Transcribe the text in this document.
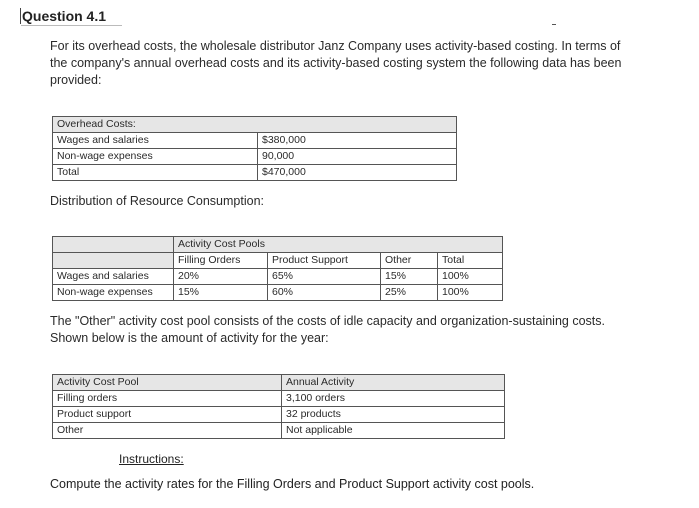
Question 4.1
For its overhead costs, the wholesale distributor Janz Company uses activity-based costing. In terms of
the company's annual overhead costs and its activity-based costing system the following data has been
provided:
Overhead Costs:	
Wages and salaries	$380,000
Non-wage expenses	90,000
Total	$470,000
Distribution of Resource Consumption:
	Activity Cost Pools			
	Filling Orders	Product Support	Other	Total
Wages and salaries	20%	65%	15%	100%
Non-wage expenses	15%	60%	25%	100%
The "Other" activity cost pool consists of the costs of idle capacity and organization-sustaining costs.
Shown below is the amount of activity for the year:
Activity Cost Pool	Annual Activity
Filling orders	3,100 orders
Product support	32 products
Other	Not applicable
Instructions:
Compute the activity rates for the Filling Orders and Product Support activity cost pools.
